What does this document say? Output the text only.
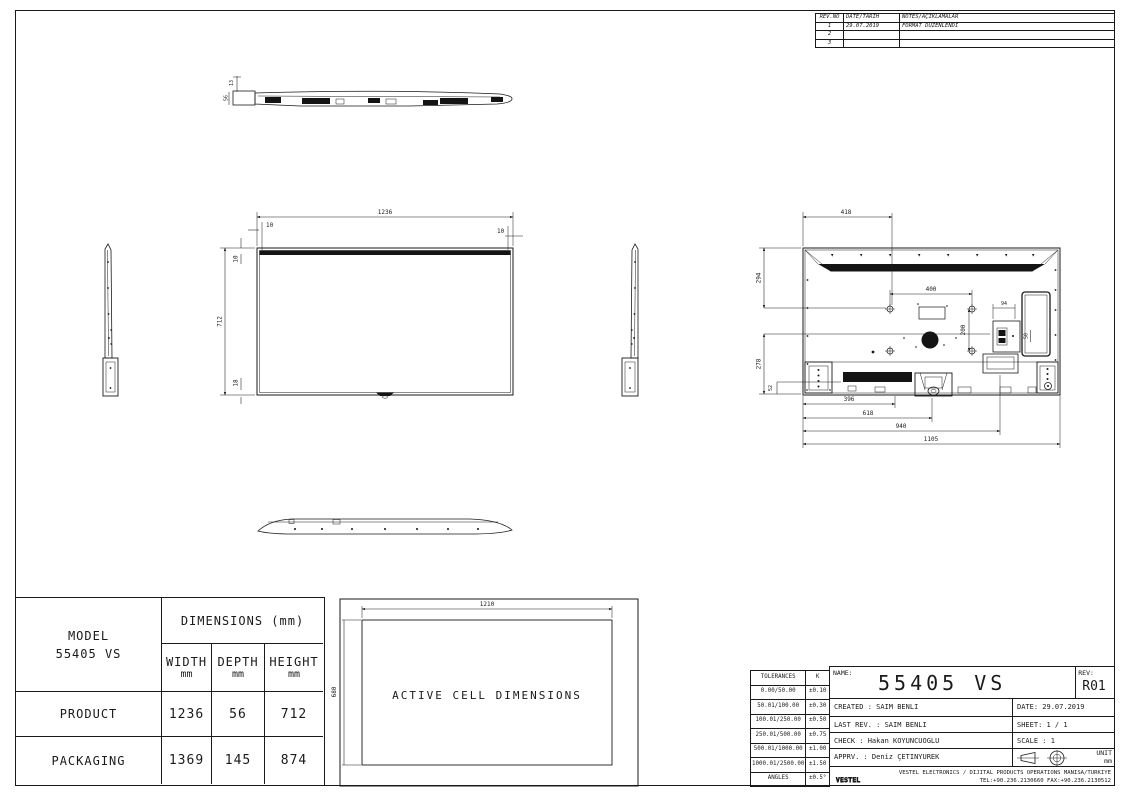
13
56
1236
10
10
712
10
18
418
294
278
52
400
200
94
50
396
618
940
1105
1210
680	ACTIVE CELL DIMENSIONS
REV.NO	DATE/TARİH	NOTES/AÇIKLAMALAR
1	29.07.2019	FORMAT DÜZENLENDİ
2		
3		
MODEL
55405 VS
DIMENSIONS (mm)
WIDTH
mm
DEPTH
mm
HEIGHT
mm
PRODUCT	1236	56	712
PACKAGING	1369	145	874
TOLERANCES	K
0.00/50.00	±0.10
50.01/100.00	±0.30
100.01/250.00	±0.50
250.01/500.00	±0.75
500.01/1000.00	±1.00
1000.01/2500.00	±1.50
ANGLES	±0.5°
NAME: 55405 VS	REV:
R01
CREATED : SAIM BENLI	DATE: 29.07.2019
LAST REV. : SAIM BENLI	SHEET: 1 / 1
CHECK : Hakan KOYUNCUOGLU	SCALE : 1
APPRV. : Deniz ÇETINYUREK
UNIT
mm
VESTEL
VESTEL ELECTRONICS / DIJITAL PRODUCTS OPERATIONS MANISA/TURKIYE
TEL:+90.236.2130660 FAX:+90.236.2130512
